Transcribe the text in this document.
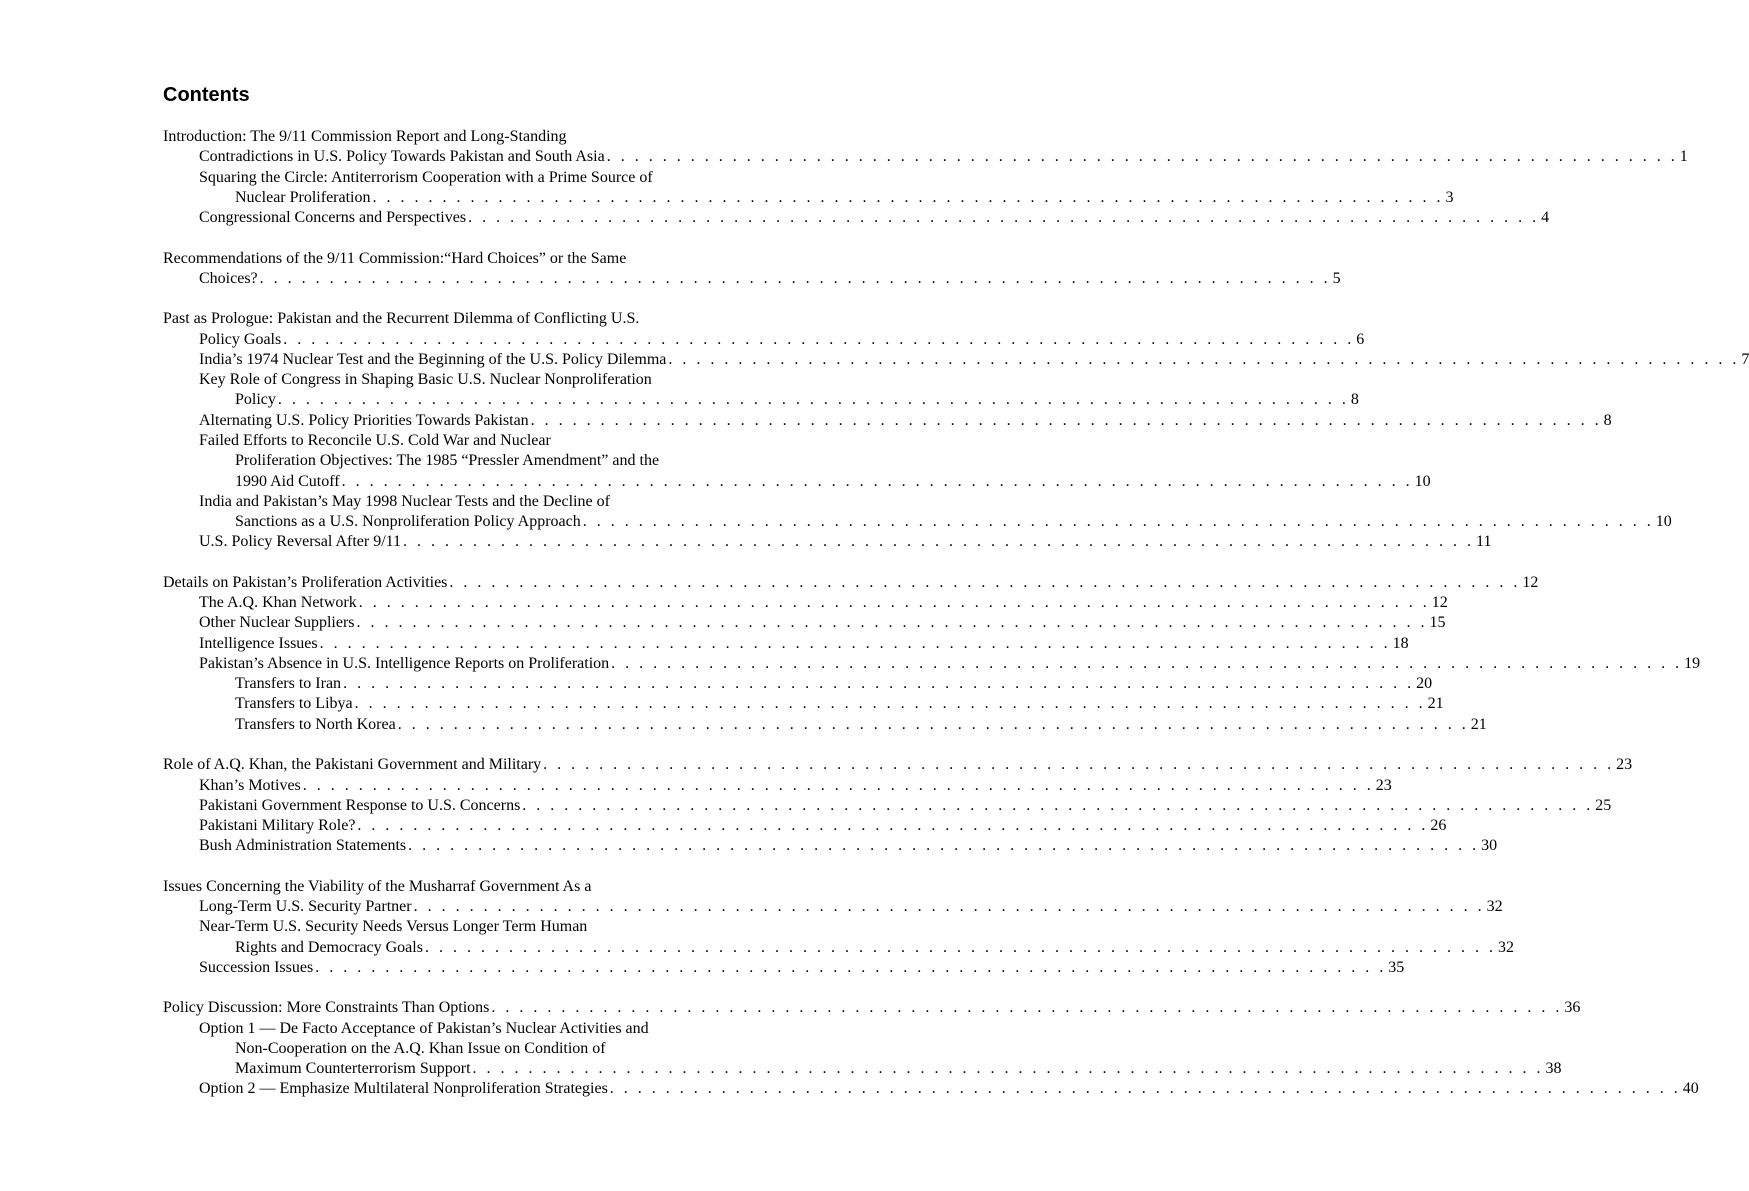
Contents
Introduction: The 9/11 Commission Report and Long-Standing
Contradictions in U.S. Policy Towards Pakistan and South Asia . . . . . . . . . . . . . . . . . . . . . . . . . . . . . . . . . . . . . . . . . . . . . . . . . . . . . . . . . . . . . . . . . . . . . . . . . . . . . 1
Squaring the Circle: Antiterrorism Cooperation with a Prime Source of
Nuclear Proliferation . . . . . . . . . . . . . . . . . . . . . . . . . . . . . . . . . . . . . . . . . . . . . . . . . . . . . . . . . . . . . . . . . . . . . . . . . . . . . 3
Congressional Concerns and Perspectives . . . . . . . . . . . . . . . . . . . . . . . . . . . . . . . . . . . . . . . . . . . . . . . . . . . . . . . . . . . . . . . . . . . . . . . . . . . . . 4
Recommendations of the 9/11 Commission:“Hard Choices” or the Same
Choices? . . . . . . . . . . . . . . . . . . . . . . . . . . . . . . . . . . . . . . . . . . . . . . . . . . . . . . . . . . . . . . . . . . . . . . . . . . . . . 5
Past as Prologue: Pakistan and the Recurrent Dilemma of Conflicting U.S.
Policy Goals . . . . . . . . . . . . . . . . . . . . . . . . . . . . . . . . . . . . . . . . . . . . . . . . . . . . . . . . . . . . . . . . . . . . . . . . . . . . . 6
India’s 1974 Nuclear Test and the Beginning of the U.S. Policy Dilemma . . . . . . . . . . . . . . . . . . . . . . . . . . . . . . . . . . . . . . . . . . . . . . . . . . . . . . . . . . . . . . . . . . . . . . . . . . . . . 7
Key Role of Congress in Shaping Basic U.S. Nuclear Nonproliferation
Policy . . . . . . . . . . . . . . . . . . . . . . . . . . . . . . . . . . . . . . . . . . . . . . . . . . . . . . . . . . . . . . . . . . . . . . . . . . . . . 8
Alternating U.S. Policy Priorities Towards Pakistan . . . . . . . . . . . . . . . . . . . . . . . . . . . . . . . . . . . . . . . . . . . . . . . . . . . . . . . . . . . . . . . . . . . . . . . . . . . . . 8
Failed Efforts to Reconcile U.S. Cold War and Nuclear
Proliferation Objectives: The 1985 “Pressler Amendment” and the
1990 Aid Cutoff . . . . . . . . . . . . . . . . . . . . . . . . . . . . . . . . . . . . . . . . . . . . . . . . . . . . . . . . . . . . . . . . . . . . . . . . . . . . . 10
India and Pakistan’s May 1998 Nuclear Tests and the Decline of
Sanctions as a U.S. Nonproliferation Policy Approach . . . . . . . . . . . . . . . . . . . . . . . . . . . . . . . . . . . . . . . . . . . . . . . . . . . . . . . . . . . . . . . . . . . . . . . . . . . . . 10
U.S. Policy Reversal After 9/11 . . . . . . . . . . . . . . . . . . . . . . . . . . . . . . . . . . . . . . . . . . . . . . . . . . . . . . . . . . . . . . . . . . . . . . . . . . . . . 11
Details on Pakistan’s Proliferation Activities . . . . . . . . . . . . . . . . . . . . . . . . . . . . . . . . . . . . . . . . . . . . . . . . . . . . . . . . . . . . . . . . . . . . . . . . . . . . . 12
The A.Q. Khan Network . . . . . . . . . . . . . . . . . . . . . . . . . . . . . . . . . . . . . . . . . . . . . . . . . . . . . . . . . . . . . . . . . . . . . . . . . . . . . 12
Other Nuclear Suppliers . . . . . . . . . . . . . . . . . . . . . . . . . . . . . . . . . . . . . . . . . . . . . . . . . . . . . . . . . . . . . . . . . . . . . . . . . . . . . 15
Intelligence Issues . . . . . . . . . . . . . . . . . . . . . . . . . . . . . . . . . . . . . . . . . . . . . . . . . . . . . . . . . . . . . . . . . . . . . . . . . . . . . 18
Pakistan’s Absence in U.S. Intelligence Reports on Proliferation . . . . . . . . . . . . . . . . . . . . . . . . . . . . . . . . . . . . . . . . . . . . . . . . . . . . . . . . . . . . . . . . . . . . . . . . . . . . . 19
Transfers to Iran . . . . . . . . . . . . . . . . . . . . . . . . . . . . . . . . . . . . . . . . . . . . . . . . . . . . . . . . . . . . . . . . . . . . . . . . . . . . . 20
Transfers to Libya . . . . . . . . . . . . . . . . . . . . . . . . . . . . . . . . . . . . . . . . . . . . . . . . . . . . . . . . . . . . . . . . . . . . . . . . . . . . . 21
Transfers to North Korea . . . . . . . . . . . . . . . . . . . . . . . . . . . . . . . . . . . . . . . . . . . . . . . . . . . . . . . . . . . . . . . . . . . . . . . . . . . . . 21
Role of A.Q. Khan, the Pakistani Government and Military . . . . . . . . . . . . . . . . . . . . . . . . . . . . . . . . . . . . . . . . . . . . . . . . . . . . . . . . . . . . . . . . . . . . . . . . . . . . . 23
Khan’s Motives . . . . . . . . . . . . . . . . . . . . . . . . . . . . . . . . . . . . . . . . . . . . . . . . . . . . . . . . . . . . . . . . . . . . . . . . . . . . . 23
Pakistani Government Response to U.S. Concerns . . . . . . . . . . . . . . . . . . . . . . . . . . . . . . . . . . . . . . . . . . . . . . . . . . . . . . . . . . . . . . . . . . . . . . . . . . . . . 25
Pakistani Military Role? . . . . . . . . . . . . . . . . . . . . . . . . . . . . . . . . . . . . . . . . . . . . . . . . . . . . . . . . . . . . . . . . . . . . . . . . . . . . . 26
Bush Administration Statements . . . . . . . . . . . . . . . . . . . . . . . . . . . . . . . . . . . . . . . . . . . . . . . . . . . . . . . . . . . . . . . . . . . . . . . . . . . . . 30
Issues Concerning the Viability of the Musharraf Government As a
Long-Term U.S. Security Partner . . . . . . . . . . . . . . . . . . . . . . . . . . . . . . . . . . . . . . . . . . . . . . . . . . . . . . . . . . . . . . . . . . . . . . . . . . . . . 32
Near-Term U.S. Security Needs Versus Longer Term Human
Rights and Democracy Goals . . . . . . . . . . . . . . . . . . . . . . . . . . . . . . . . . . . . . . . . . . . . . . . . . . . . . . . . . . . . . . . . . . . . . . . . . . . . . 32
Succession Issues . . . . . . . . . . . . . . . . . . . . . . . . . . . . . . . . . . . . . . . . . . . . . . . . . . . . . . . . . . . . . . . . . . . . . . . . . . . . . 35
Policy Discussion: More Constraints Than Options . . . . . . . . . . . . . . . . . . . . . . . . . . . . . . . . . . . . . . . . . . . . . . . . . . . . . . . . . . . . . . . . . . . . . . . . . . . . . 36
Option 1 — De Facto Acceptance of Pakistan’s Nuclear Activities and
Non-Cooperation on the A.Q. Khan Issue on Condition of
Maximum Counterterrorism Support . . . . . . . . . . . . . . . . . . . . . . . . . . . . . . . . . . . . . . . . . . . . . . . . . . . . . . . . . . . . . . . . . . . . . . . . . . . . . 38
Option 2 — Emphasize Multilateral Nonproliferation Strategies . . . . . . . . . . . . . . . . . . . . . . . . . . . . . . . . . . . . . . . . . . . . . . . . . . . . . . . . . . . . . . . . . . . . . . . . . . . . . 40
